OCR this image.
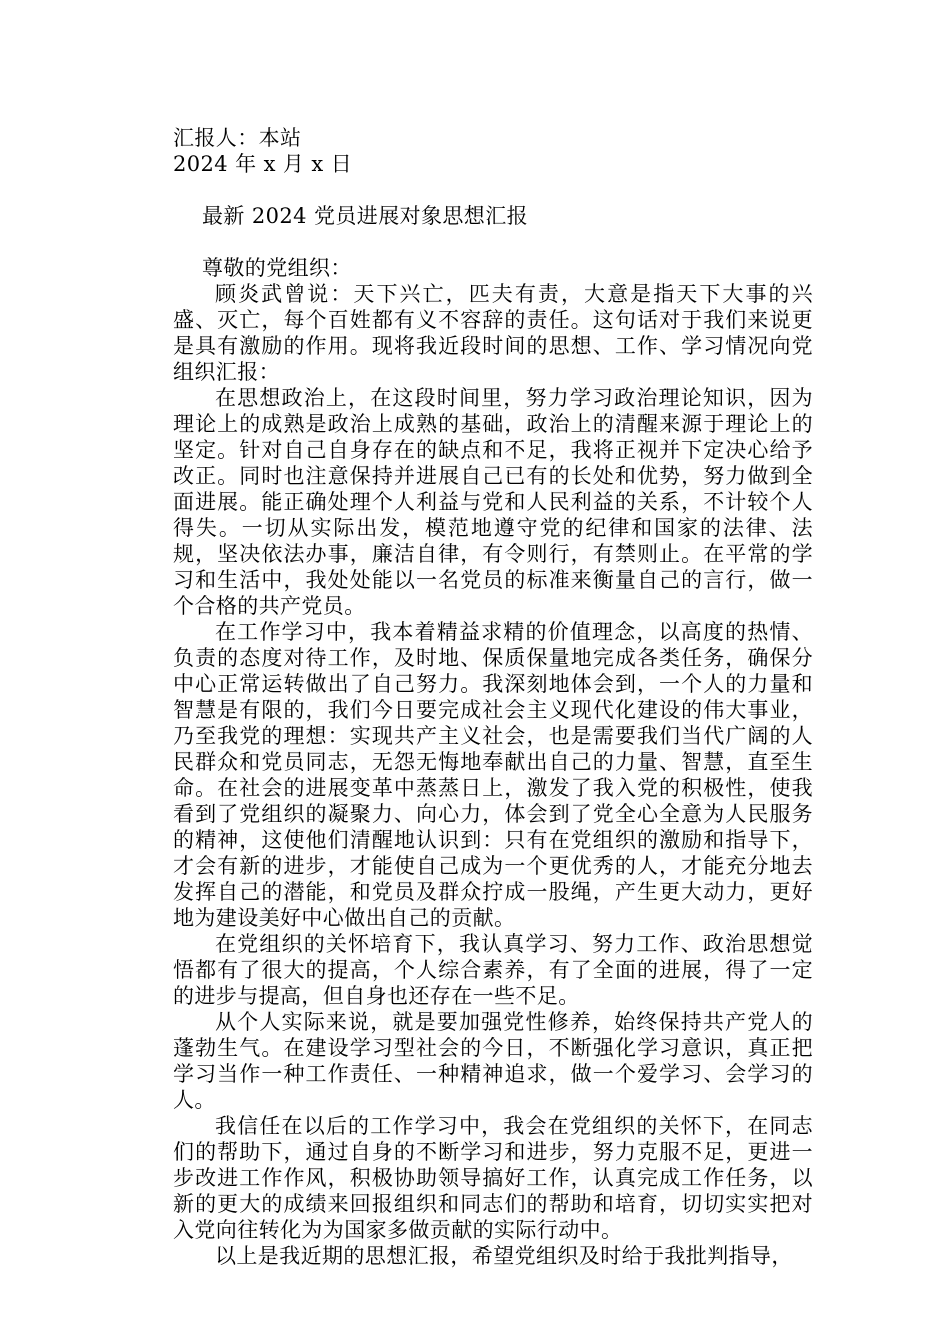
汇报人：本站
2024 年 x 月 x 日
最新 2024 党员进展对象思想汇报

尊敬的党组织：

顾炎武曾说：天下兴亡，匹夫有责，大意是指天下大事的兴盛、灭亡，每个百姓都有义不容辞的责任。这句话对于我们来说更是具有激励的作用。现将我近段时间的思想、工作、学习情况向党组织汇报：

在思想政治上，在这段时间里，努力学习政治理论知识，因为理论上的成熟是政治上成熟的基础，政治上的清醒来源于理论上的坚定。针对自己自身存在的缺点和不足，我将正视并下定决心给予改正。同时也注意保持并进展自己已有的长处和优势，努力做到全面进展。能正确处理个人利益与党和人民利益的关系，不计较个人得失。一切从实际出发，模范地遵守党的纪律和国家的法律、法规，坚决依法办事，廉洁自律，有令则行，有禁则止。在平常的学习和生活中，我处处能以一名党员的标准来衡量自己的言行，做一个合格的共产党员。

在工作学习中，我本着精益求精的价值理念，以高度的热情、负责的态度对待工作，及时地、保质保量地完成各类任务，确保分中心正常运转做出了自己努力。我深刻地体会到，一个人的力量和智慧是有限的，我们今日要完成社会主义现代化建设的伟大事业，乃至我党的理想：实现共产主义社会，也是需要我们当代广阔的人民群众和党员同志，无怨无悔地奉献出自己的力量、智慧，直至生命。在社会的进展变革中蒸蒸日上，激发了我入党的积极性，使我看到了党组织的凝聚力、向心力，体会到了党全心全意为人民服务的精神，这使他们清醒地认识到：只有在党组织的激励和指导下，才会有新的进步，才能使自己成为一个更优秀的人，才能充分地去发挥自己的潜能，和党员及群众拧成一股绳，产生更大动力，更好地为建设美好中心做出自己的贡献。

在党组织的关怀培育下，我认真学习、努力工作、政治思想觉悟都有了很大的提高，个人综合素养，有了全面的进展，得了一定的进步与提高，但自身也还存在一些不足。

从个人实际来说，就是要加强党性修养，始终保持共产党人的蓬勃生气。在建设学习型社会的今日，不断强化学习意识，真正把学习当作一种工作责任、一种精神追求，做一个爱学习、会学习的人。

我信任在以后的工作学习中，我会在党组织的关怀下，在同志们的帮助下，通过自身的不断学习和进步，努力克服不足，更进一步改进工作作风，积极协助领导搞好工作，认真完成工作任务，以新的更大的成绩来回报组织和同志们的帮助和培育，切切实实把对入党向往转化为为国家多做贡献的实际行动中。

以上是我近期的思想汇报，希望党组织及时给于我批判指导，
